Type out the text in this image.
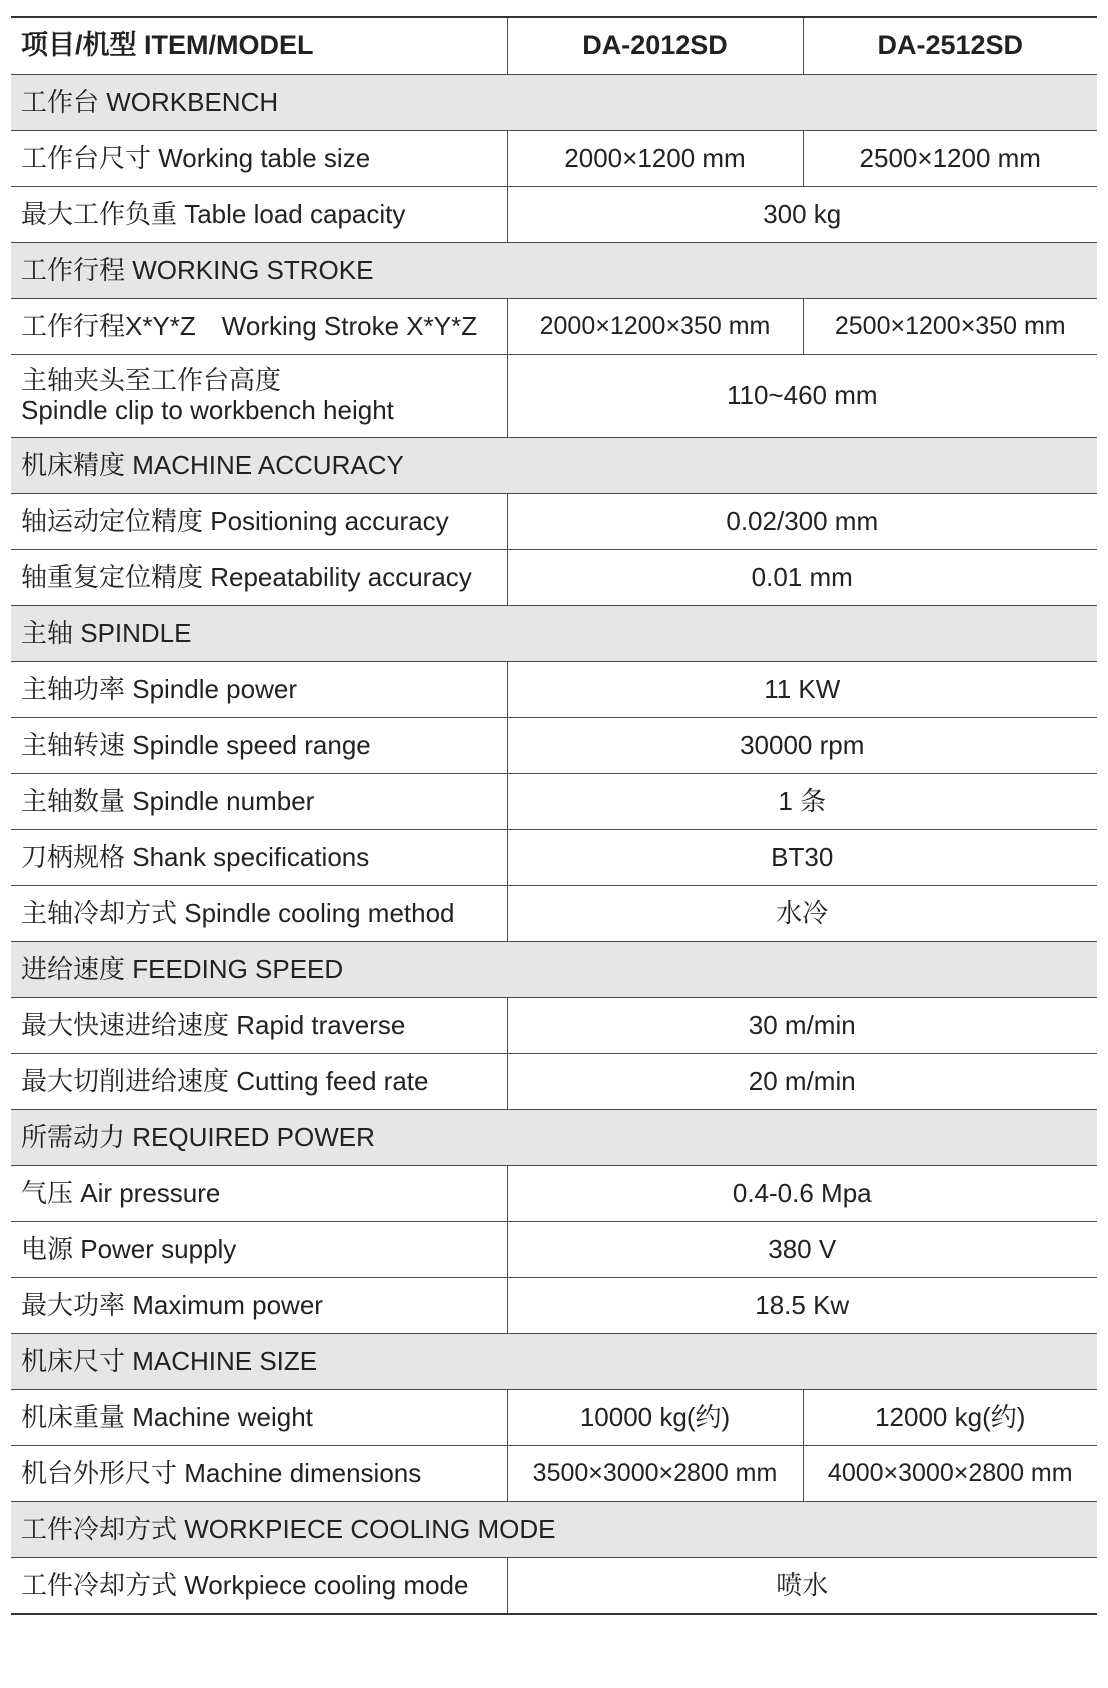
项目/机型 ITEM/MODEL	DA-2012SD	DA-2512SD
工作台 WORKBENCH		
工作台尺寸 Working table size	2000×1200 mm	2500×1200 mm
最大工作负重 Table load capacity	300 kg	
工作行程 WORKING STROKE		
工作行程X*Y*Z　Working Stroke X*Y*Z	2000×1200×350 mm	2500×1200×350 mm

主轴夹头至工作台高度
Spindle clip to workbench height	110~460 mm	
机床精度 MACHINE ACCURACY		
轴运动定位精度 Positioning accuracy	0.02/300 mm	
轴重复定位精度 Repeatability accuracy	0.01 mm	
主轴 SPINDLE		
主轴功率 Spindle power	11 KW	
主轴转速 Spindle speed range	30000 rpm	
主轴数量 Spindle number	1 条	
刀柄规格 Shank specifications	BT30	
主轴冷却方式 Spindle cooling method	水冷	
进给速度 FEEDING SPEED		
最大快速进给速度 Rapid traverse	30 m/min	
最大切削进给速度 Cutting feed rate	20 m/min	
所需动力 REQUIRED POWER		
气压 Air pressure	0.4-0.6 Mpa	
电源 Power supply	380 V	
最大功率 Maximum power	18.5 Kw	
机床尺寸 MACHINE SIZE		
机床重量 Machine weight	10000 kg(约)	12000 kg(约)
机台外形尺寸 Machine dimensions	3500×3000×2800 mm	4000×3000×2800 mm
工件冷却方式 WORKPIECE COOLING MODE		
工件冷却方式 Workpiece cooling mode	喷水	
